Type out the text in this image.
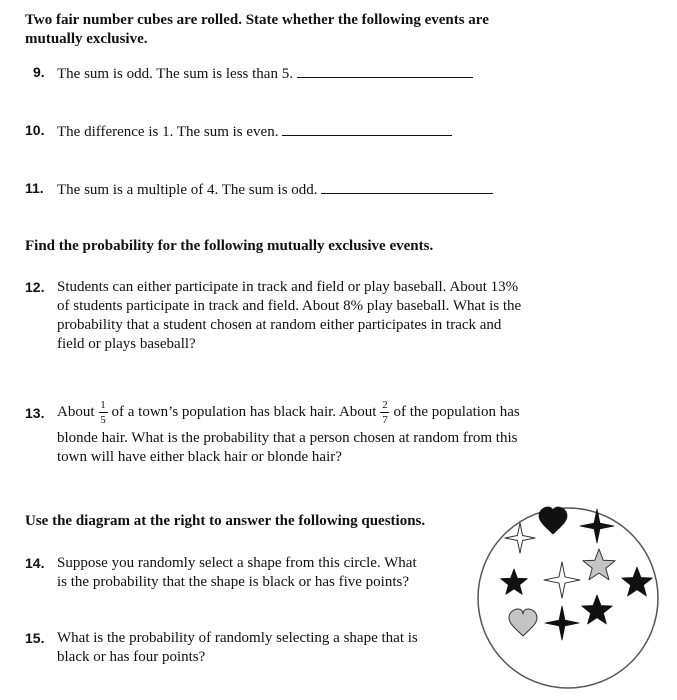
Two fair number cubes are rolled. State whether the following events are
mutually exclusive.
9. The sum is odd. The sum is less than 5.
10. The difference is 1. The sum is even.
11. The sum is a multiple of 4. The sum is odd.
Find the probability for the following mutually exclusive events.
12. Students can either participate in track and field or play baseball. About 13%
of students participate in track and field. About 8% play baseball. What is the
probability that a student chosen at random either participates in track and
field or plays baseball?
13. About $\frac{1}{5}$ of a town’s population has black hair. About $\frac{2}{7}$ of the population has
blonde hair. What is the probability that a person chosen at random from this
town will have either black hair or blonde hair?
Use the diagram at the right to answer the following questions.
14. Suppose you randomly select a shape from this circle. What
is the probability that the shape is black or has five points?
15. What is the probability of randomly selecting a shape that is
black or has four points?
